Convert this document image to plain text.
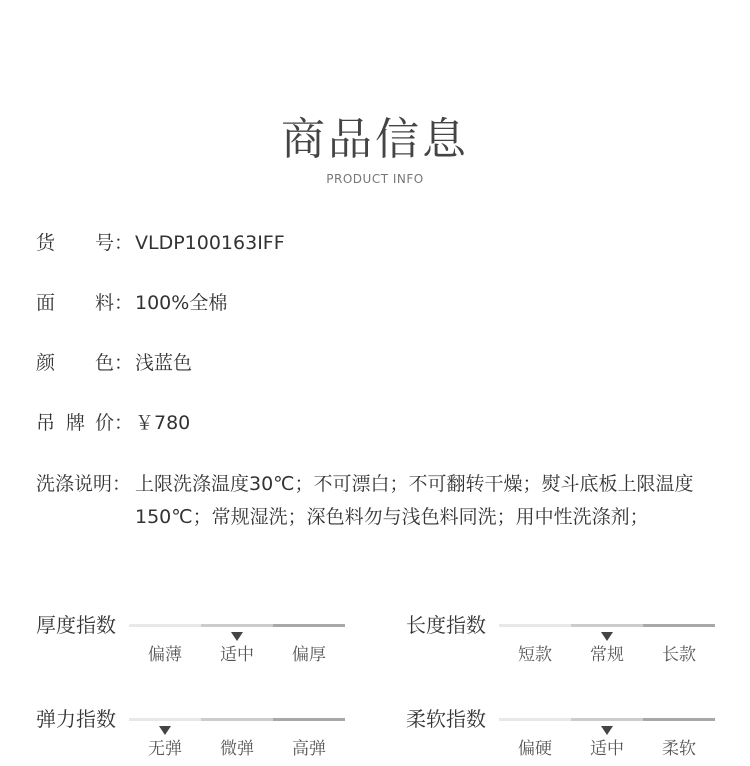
商品信息
PRODUCT INFO
货 号： VLDP100163IFF
面 料： 100%全棉
颜 色： 浅蓝色
吊 牌 价： ￥780
洗涤说明： 上限洗涤温度30℃；不可漂白；不可翻转干燥；熨斗底板上限温度150℃；常规湿洗；深色料勿与浅色料同洗；用中性洗涤剂；
厚度指数
偏薄	适中	偏厚
长度指数
短款	常规	长款
弹力指数
无弹	微弹	高弹
柔软指数
偏硬	适中	柔软
